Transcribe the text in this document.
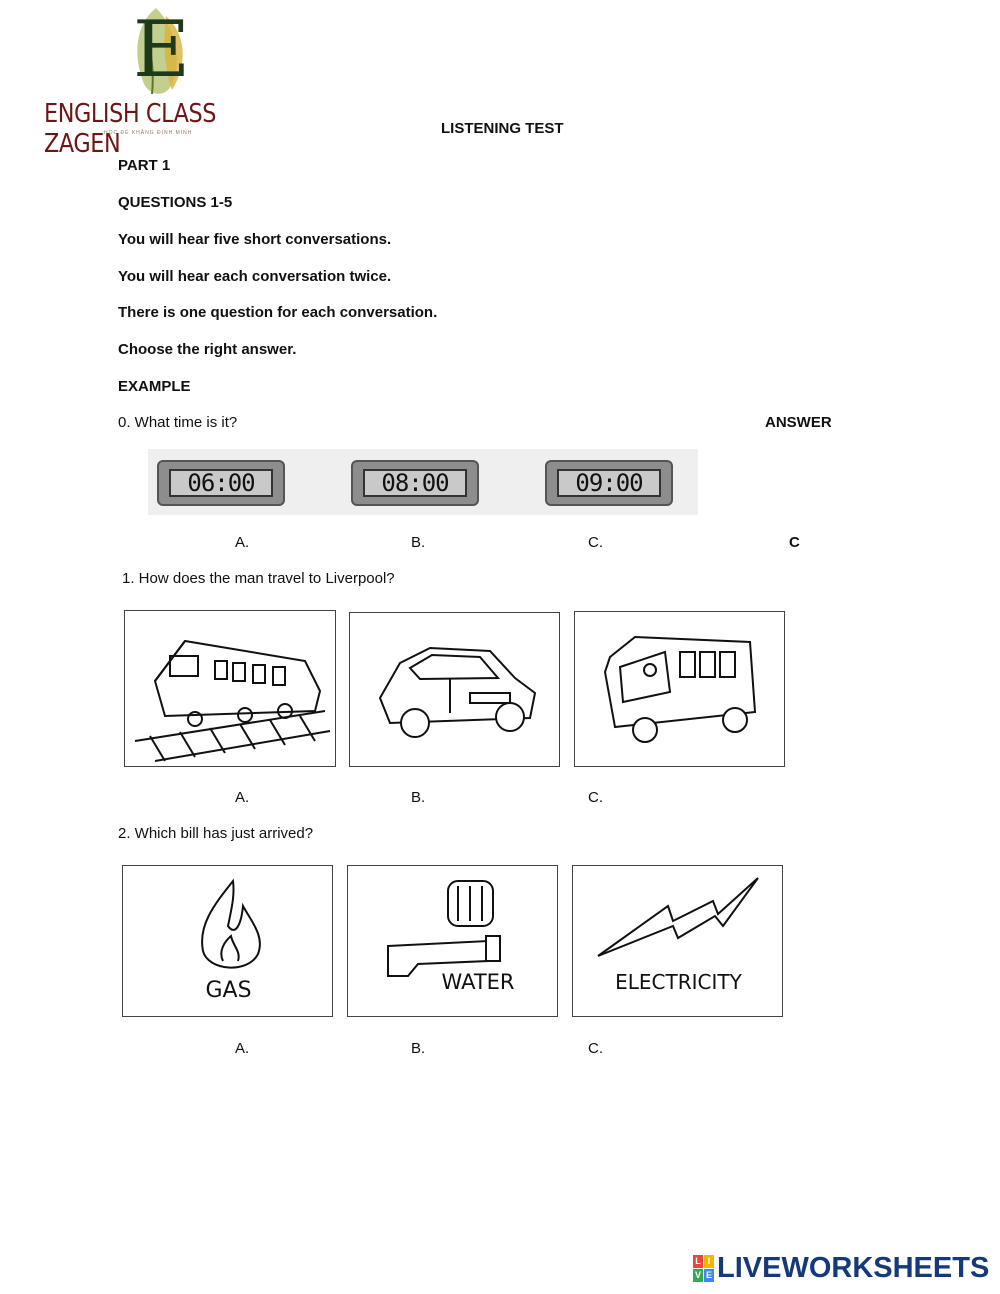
E
ENGLISH CLASS ZAGEN
HỌC ĐỂ KHẲNG ĐỊNH MÌNH	LISTENING TEST
PART 1
QUESTIONS 1-5
You will hear five short conversations.
You will hear each conversation twice.
There is one question for each conversation.
Choose the right answer.
EXAMPLE
0. What time is it?	ANSWER
06:00	08:00	09:00
A.	B.	C.	C
1. How does the man travel to Liverpool?
A.	B.	C.
2. Which bill has just arrived?
GAS	WATER	ELECTRICITY
A.	B.	C.
L I
V E LIVEWORKSHEETS
